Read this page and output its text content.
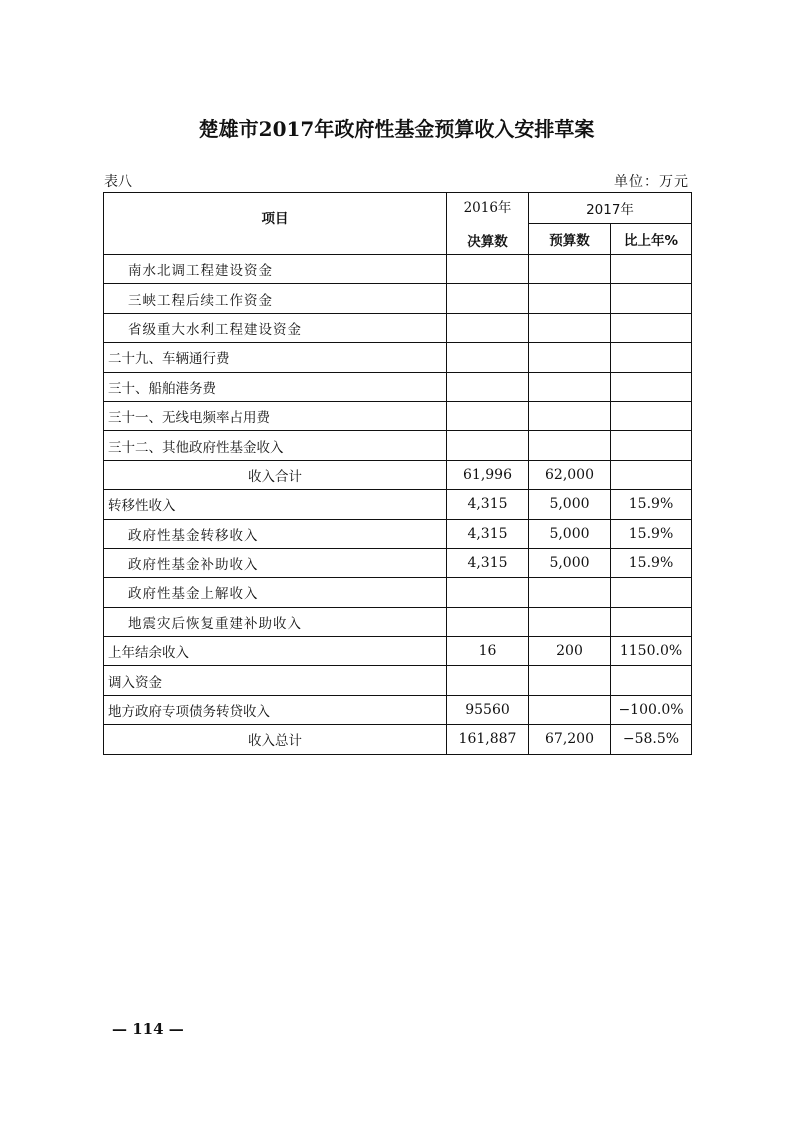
楚雄市2017年政府性基金预算收入安排草案
表八	单位：万元
项目	2016年	2017年	
	决算数	预算数	比上年%
南水北调工程建设资金			
三峡工程后续工作资金			
省级重大水利工程建设资金			
二十九、车辆通行费			
三十、船舶港务费			
三十一、无线电频率占用费			
三十二、其他政府性基金收入			
收入合计	61,996	62,000	
转移性收入	4,315	5,000	15.9%
政府性基金转移收入	4,315	5,000	15.9%
政府性基金补助收入	4,315	5,000	15.9%
政府性基金上解收入			
地震灾后恢复重建补助收入			
上年结余收入	16	200	1150.0%
调入资金			
地方政府专项债务转贷收入	95560		−100.0%
收入总计	161,887	67,200	−58.5%
— 114 —
